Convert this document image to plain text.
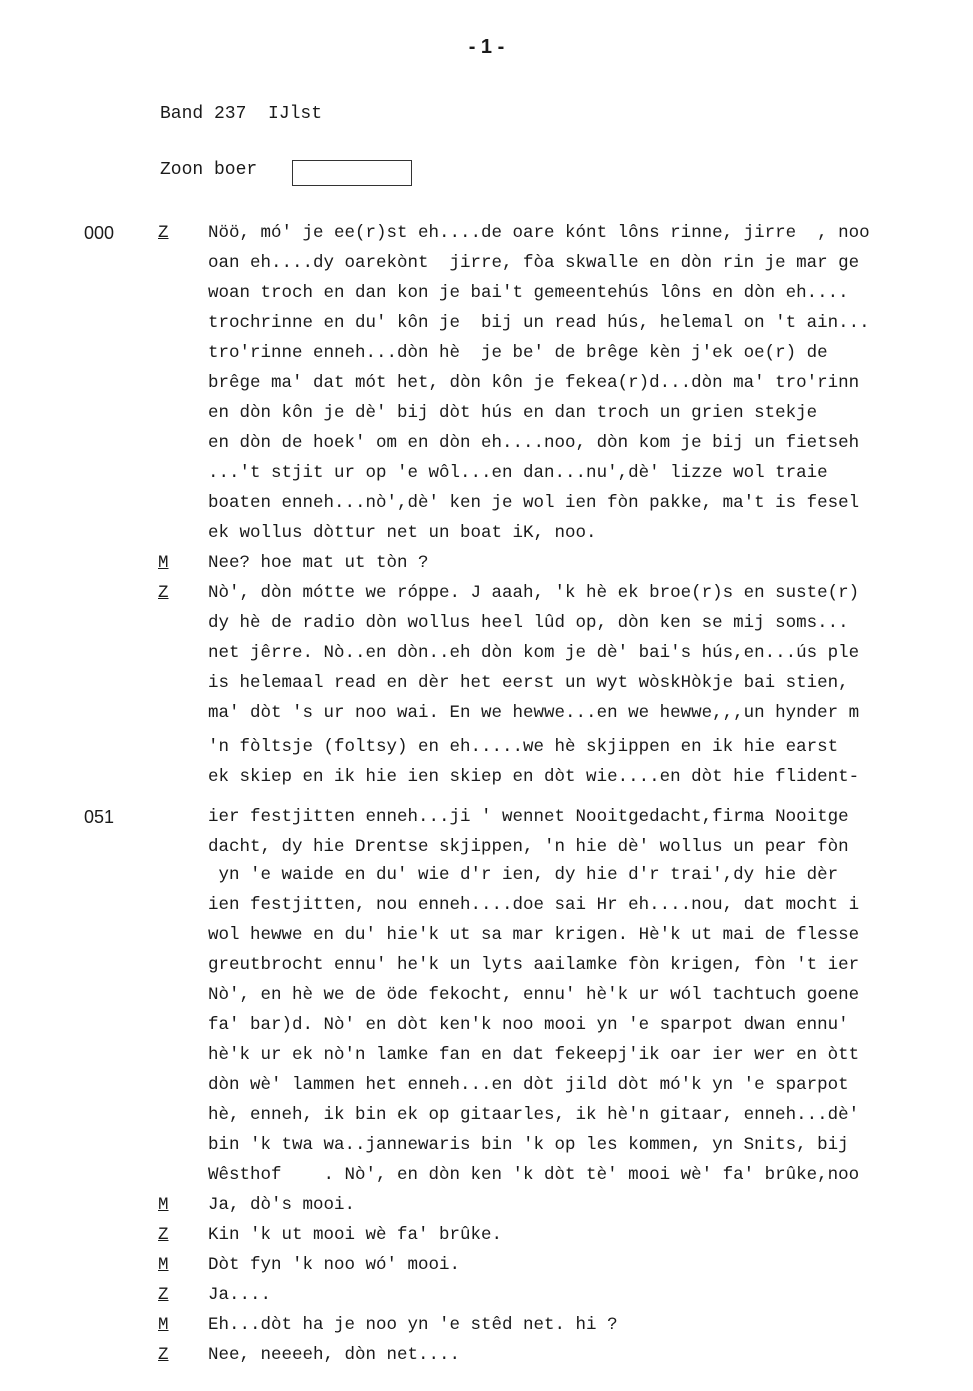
- 1 -
Band 237  IJlst
Zoon boer
000
051
Nöö, mó' je ee(r)st eh....de oare kónt lôns rinne, jirre  , noo
Z
oan eh....dy oarekònt  jirre, fòa skwalle en dòn rin je mar ge
woan troch en dan kon je bai't gemeentehús lôns en dòn eh....
trochrinne en du' kôn je  bij un read hús, helemal on 't ain...
tro'rinne enneh...dòn hè  je be' de brêge kèn j'ek oe(r) de
brêge ma' dat mót het, dòn kôn je fekea(r)d...dòn ma' tro'rinn
en dòn kôn je dè' bij dòt hús en dan troch un grien stekje
en dòn de hoek' om en dòn eh....noo, dòn kom je bij un fietseh
...'t stjit ur op 'e wôl...en dan...nu',dè' lizze wol traie
boaten enneh...nò',dè' ken je wol ien fòn pakke, ma't is fesel
ek wollus dòttur net un boat iK, noo.
Nee? hoe mat ut tòn ?
M
Nò', dòn mótte we róppe. J aaah, 'k hè ek broe(r)s en suste(r)
Z
dy hè de radio dòn wollus heel lûd op, dòn ken se mij soms...
net jêrre. Nò..en dòn..eh dòn kom je dè' bai's hús,en...ús ple
is helemaal read en dèr het eerst un wyt wòskHòkje bai stien,
ma' dòt 's ur noo wai. En we hewwe...en we hewwe,,,un hynder m
'n fòltsje (foltsy) en eh.....we hè skjippen en ik hie earst
ek skiep en ik hie ien skiep en dòt wie....en dòt hie flident-
ier festjitten enneh...ji ' wennet Nooitgedacht,firma Nooitge
dacht, dy hie Drentse skjippen, 'n hie dè' wollus un pear fòn
yn 'e waide en du' wie d'r ien, dy hie d'r trai',dy hie dèr
ien festjitten, nou enneh....doe sai Hr eh....nou, dat mocht i
wol hewwe en du' hie'k ut sa mar krigen. Hè'k ut mai de flesse
greutbrocht ennu' he'k un lyts aailamke fòn krigen, fòn 't ier
Nò', en hè we de öde fekocht, ennu' hè'k ur wól tachtuch goene
fa' bar)d. Nò' en dòt ken'k noo mooi yn 'e sparpot dwan ennu'
hè'k ur ek nò'n lamke fan en dat fekeepj'ik oar ier wer en òtt
dòn wè' lammen het enneh...en dòt jild dòt mó'k yn 'e sparpot
hè, enneh, ik bin ek op gitaarles, ik hè'n gitaar, enneh...dè'
bin 'k twa wa..jannewaris bin 'k op les kommen, yn Snits, bij
Wêsthof    . Nò', en dòn ken 'k dòt tè' mooi wè' fa' brûke,noo
Ja, dò's mooi.
M
Kin 'k ut mooi wè fa' brûke.
Z
Dòt fyn 'k noo wó' mooi.
M
Ja....
Z
Eh...dòt ha je noo yn 'e stêd net. hi ?
M
Nee, neeeeh, dòn net....
Z
